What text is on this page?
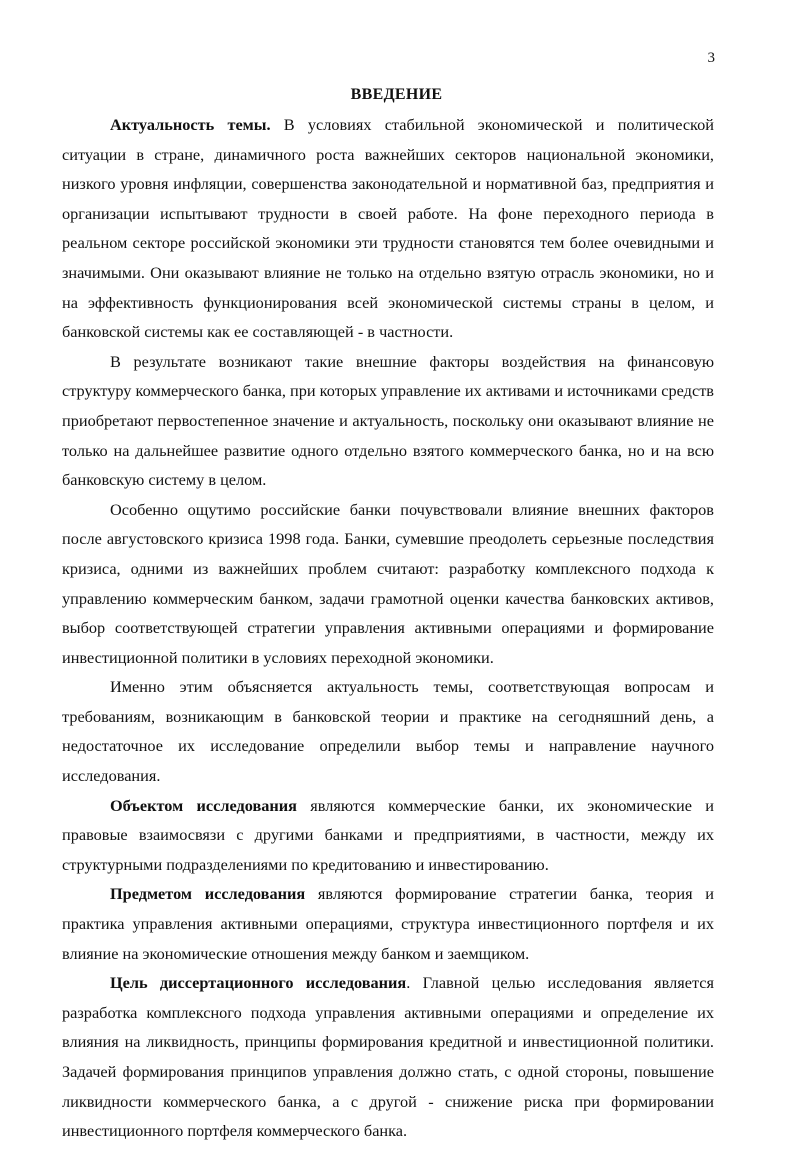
3
ВВЕДЕНИЕ

Актуальность темы. В условиях стабильной экономической и политической ситуации в стране, динамичного роста важнейших секторов национальной экономики, низкого уровня инфляции, совершенства законодательной и нормативной баз, предприятия и организации испытывают трудности в своей работе. На фоне переходного периода в реальном секторе российской экономики эти трудности становятся тем более очевидными и значимыми. Они оказывают влияние не только на отдельно взятую отрасль экономики, но и на эффективность функционирования всей экономической системы страны в целом, и банковской системы как ее составляющей - в частности.

В результате возникают такие внешние факторы воздействия на финансовую структуру коммерческого банка, при которых управление их активами и источниками средств приобретают первостепенное значение и актуальность, поскольку они оказывают влияние не только на дальнейшее развитие одного отдельно взятого коммерческого банка, но и на всю банковскую систему в целом.

Особенно ощутимо российские банки почувствовали влияние внешних факторов после августовского кризиса 1998 года. Банки, сумевшие преодолеть серьезные последствия кризиса, одними из важнейших проблем считают: разработку комплексного подхода к управлению коммерческим банком, задачи грамотной оценки качества банковских активов, выбор соответствующей стратегии управления активными операциями и формирование инвестиционной политики в условиях переходной экономики.

Именно этим объясняется актуальность темы, соответствующая вопросам и требованиям, возникающим в банковской теории и практике на сегодняшний день, а недостаточное их исследование определили выбор темы и направление научного исследования.

Объектом исследования являются коммерческие банки, их экономические и правовые взаимосвязи с другими банками и предприятиями, в частности, между их структурными подразделениями по кредитованию и инвестированию.

Предметом исследования являются формирование стратегии банка, теория и практика управления активными операциями, структура инвестиционного портфеля и их влияние на экономические отношения между банком и заемщиком.

Цель диссертационного исследования. Главной целью исследования является разработка комплексного подхода управления активными операциями и определение их влияния на ликвидность, принципы формирования кредитной и инвестиционной политики. Задачей формирования принципов управления должно стать, с одной стороны, повышение ликвидности коммерческого банка, а с другой - снижение риска при формировании инвестиционного портфеля коммерческого банка.
